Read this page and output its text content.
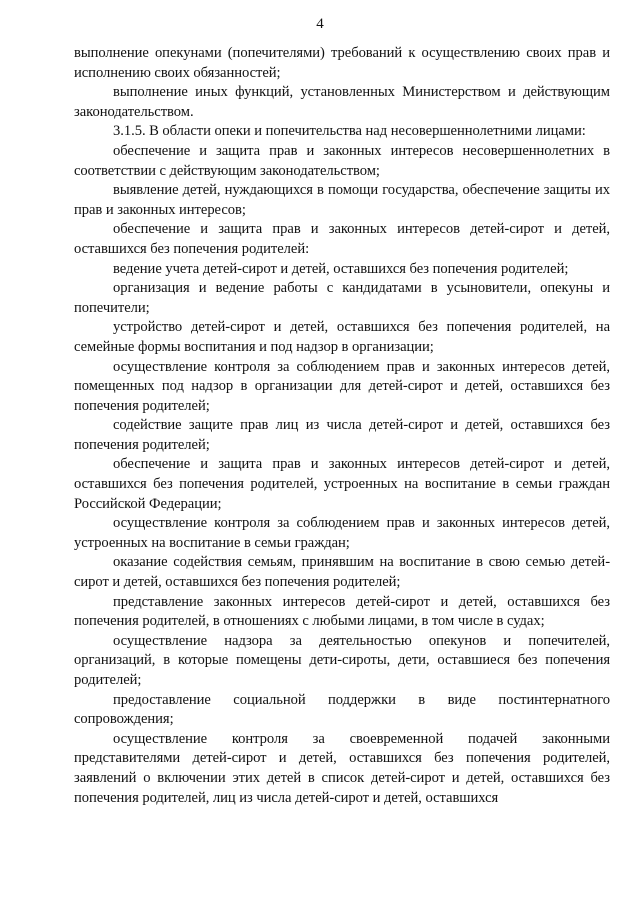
4

выполнение опекунами (попечителями) требований к осуществлению своих прав и исполнению своих обязанностей;

выполнение иных функций, установленных Министерством и действующим законодательством.

3.1.5. В области опеки и попечительства над несовершеннолетними лицами:

обеспечение и защита прав и законных интересов несовершеннолетних в соответствии с действующим законодательством;

выявление детей, нуждающихся в помощи государства, обеспечение защиты их прав и законных интересов;

обеспечение и защита прав и законных интересов детей-сирот и детей, оставшихся без попечения родителей:

ведение учета детей-сирот и детей, оставшихся без попечения родителей;

организация и ведение работы с кандидатами в усыновители, опекуны и попечители;

устройство детей-сирот и детей, оставшихся без попечения родителей, на семейные формы воспитания и под надзор в организации;

осуществление контроля за соблюдением прав и законных интересов детей, помещенных под надзор в организации для детей-сирот и детей, оставшихся без попечения родителей;

содействие защите прав лиц из числа детей-сирот и детей, оставшихся без попечения родителей;

обеспечение и защита прав и законных интересов детей-сирот и детей, оставшихся без попечения родителей, устроенных на воспитание в семьи граждан Российской Федерации;

осуществление контроля за соблюдением прав и законных интересов детей, устроенных на воспитание в семьи граждан;

оказание содействия семьям, принявшим на воспитание в свою семью детей-сирот и детей, оставшихся без попечения родителей;

представление законных интересов детей-сирот и детей, оставшихся без попечения родителей, в отношениях с любыми лицами, в том числе в судах;

осуществление надзора за деятельностью опекунов и попечителей, организаций, в которые помещены дети-сироты, дети, оставшиеся без попечения родителей;

предоставление социальной поддержки в виде постинтернатного сопровождения;

осуществление контроля за своевременной подачей законными представителями детей-сирот и детей, оставшихся без попечения родителей, заявлений о включении этих детей в список детей-сирот и детей, оставшихся без попечения родителей, лиц из числа детей-сирот и детей, оставшихся
